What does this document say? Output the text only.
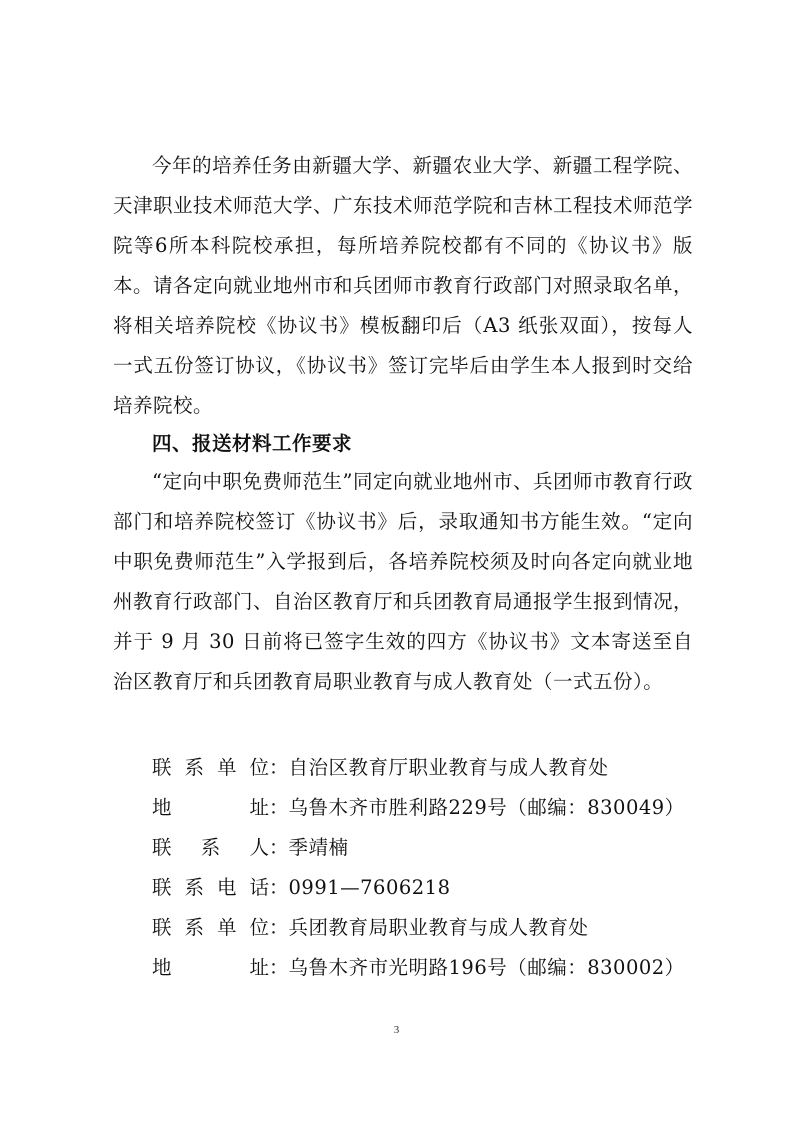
今年的培养任务由新疆大学、新疆农业大学、新疆工程学院、天津职业技术师范大学、广东技术师范学院和吉林工程技术师范学院等6所本科院校承担，每所培养院校都有不同的《协议书》版本。请各定向就业地州市和兵团师市教育行政部门对照录取名单，将相关培养院校《协议书》模板翻印后（A3 纸张双面），按每人一式五份签订协议，《协议书》签订完毕后由学生本人报到时交给培养院校。

四、报送材料工作要求

“定向中职免费师范生”同定向就业地州市、兵团师市教育行政部门和培养院校签订《协议书》后，录取通知书方能生效。“定向中职免费师范生”入学报到后，各培养院校须及时向各定向就业地州教育行政部门、自治区教育厅和兵团教育局通报学生报到情况，并于 9 月 30 日前将已签字生效的四方《协议书》文本寄送至自治区教育厅和兵团教育局职业教育与成人教育处（一式五份）。

联系单位 ： 自治区教育厅职业教育与成人教育处
地址 ： 乌鲁木齐市胜利路229号（邮编：830049）
联系人 ： 季靖楠
联系电话 ： 0991—7606218
联系单位 ： 兵团教育局职业教育与成人教育处
地址 ： 乌鲁木齐市光明路196号（邮编：830002）
3
